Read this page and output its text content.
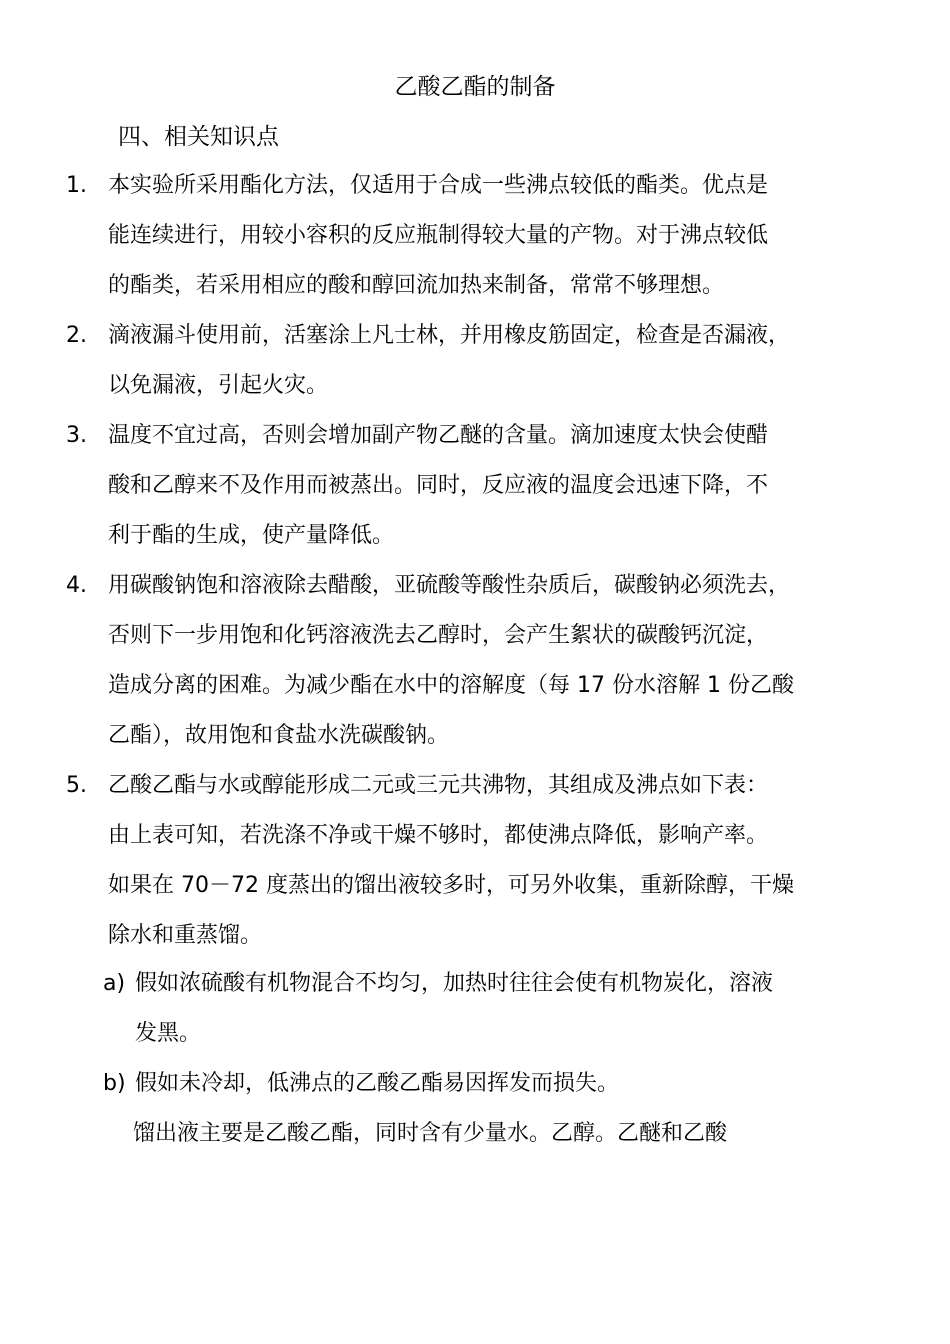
乙酸乙酯的制备
四、相关知识点
1. 本实验所采用酯化方法，仅适用于合成一些沸点较低的酯类。优点是
能连续进行，用较小容积的反应瓶制得较大量的产物。对于沸点较低
的酯类，若采用相应的酸和醇回流加热来制备，常常不够理想。
2. 滴液漏斗使用前，活塞涂上凡士林，并用橡皮筋固定，检查是否漏液，
以免漏液，引起火灾。
3. 温度不宜过高，否则会增加副产物乙醚的含量。滴加速度太快会使醋
酸和乙醇来不及作用而被蒸出。同时，反应液的温度会迅速下降，不
利于酯的生成，使产量降低。
4. 用碳酸钠饱和溶液除去醋酸，亚硫酸等酸性杂质后，碳酸钠必须洗去，
否则下一步用饱和化钙溶液洗去乙醇时，会产生絮状的碳酸钙沉淀，
造成分离的困难。为减少酯在水中的溶解度（每 17 份水溶解 1 份乙酸
乙酯），故用饱和食盐水洗碳酸钠。
5. 乙酸乙酯与水或醇能形成二元或三元共沸物，其组成及沸点如下表：
由上表可知，若洗涤不净或干燥不够时，都使沸点降低，影响产率。
如果在 70－72 度蒸出的馏出液较多时，可另外收集，重新除醇，干燥
除水和重蒸馏。
a) 假如浓硫酸有机物混合不均匀，加热时往往会使有机物炭化，溶液
发黑。
b) 假如未冷却，低沸点的乙酸乙酯易因挥发而损失。
馏出液主要是乙酸乙酯，同时含有少量水。乙醇。乙醚和乙酸
